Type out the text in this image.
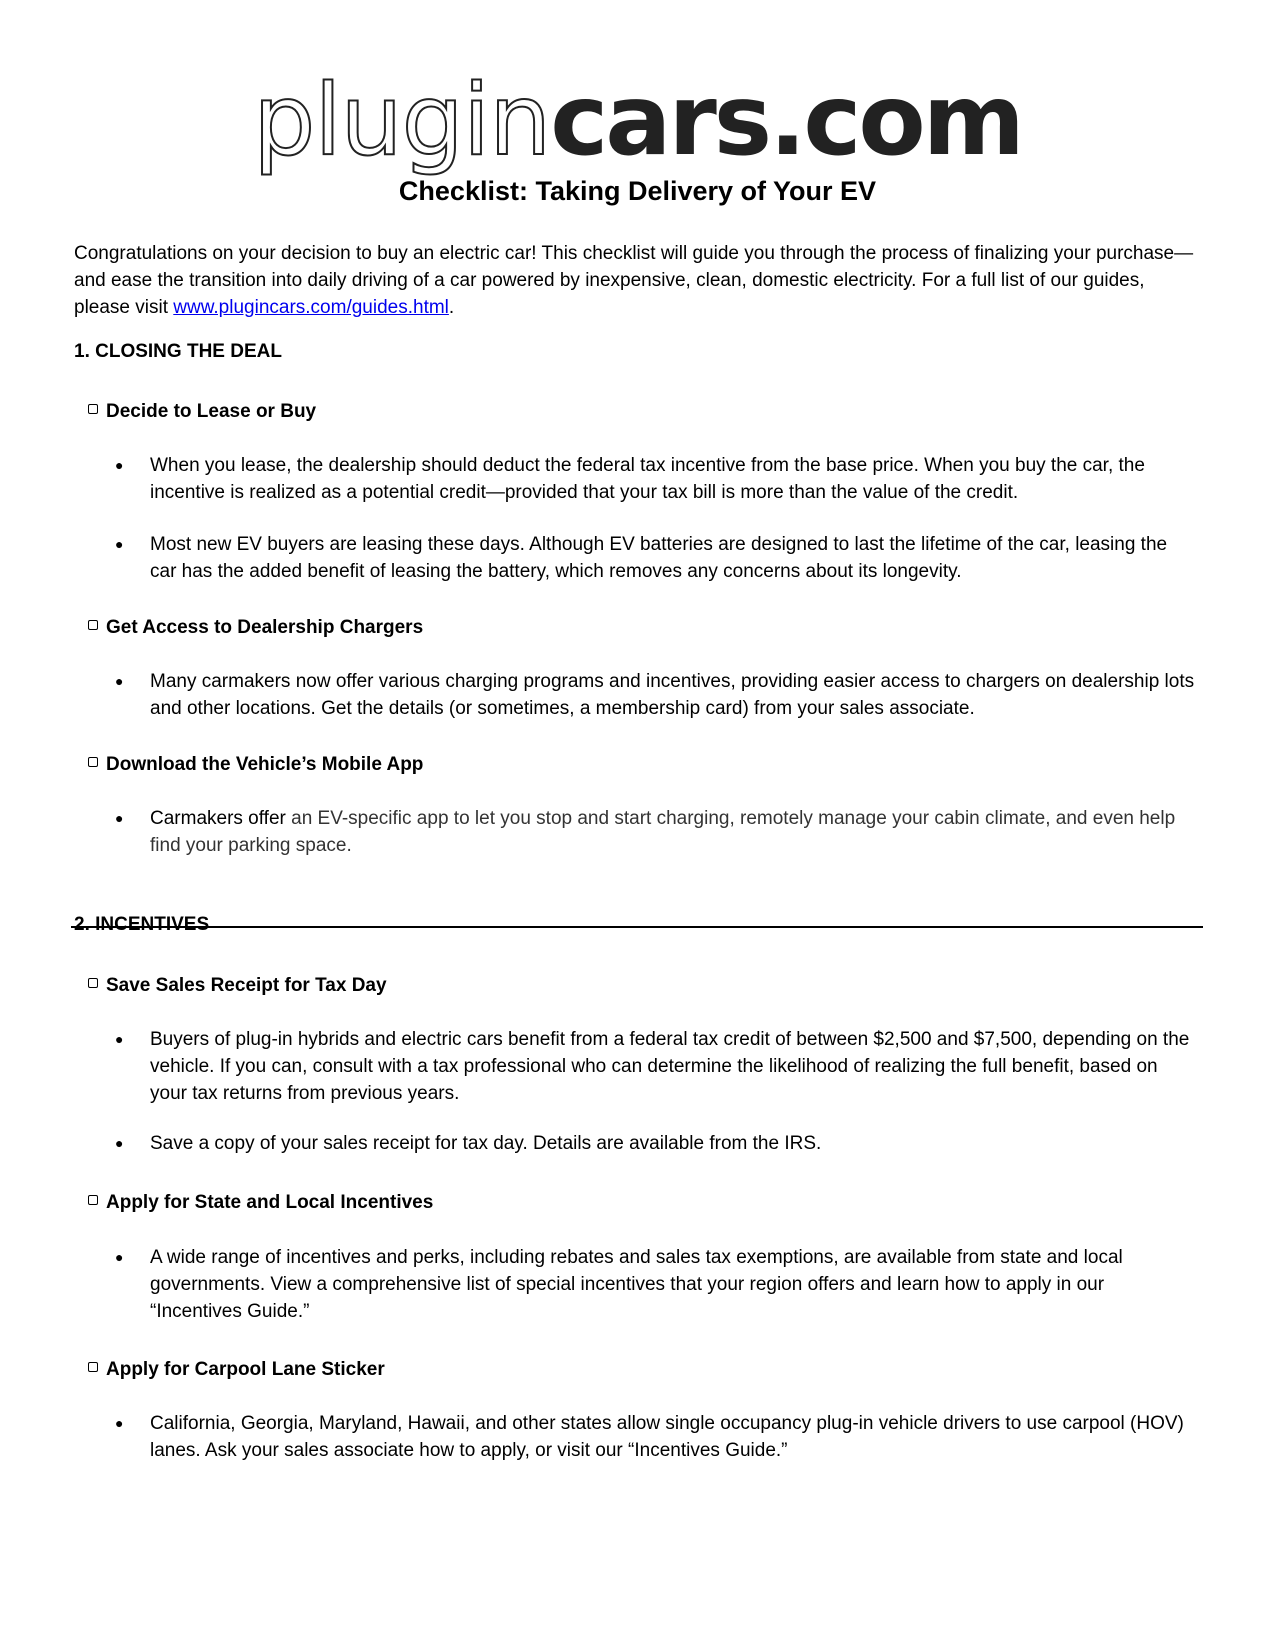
plugincars.com
Checklist: Taking Delivery of Your EV
Congratulations on your decision to buy an electric car! This checklist will guide you through the process of finalizing your purchase—and ease the transition into daily driving of a car powered by inexpensive, clean, domestic electricity. For a full list of our guides, please visit www.plugincars.com/guides.html.
1. CLOSING THE DEAL
Decide to Lease or Buy
●	When you lease, the dealership should deduct the federal tax incentive from the base price. When you buy the car, the incentive is realized as a potential credit—provided that your tax bill is more than the value of the credit.
●	Most new EV buyers are leasing these days. Although EV batteries are designed to last the lifetime of the car, leasing the car has the added benefit of leasing the battery, which removes any concerns about its longevity.
Get Access to Dealership Chargers
●	Many carmakers now offer various charging programs and incentives, providing easier access to chargers on dealership lots and other locations. Get the details (or sometimes, a membership card) from your sales associate.
Download the Vehicle’s Mobile App
●	Carmakers offer an EV-specific app to let you stop and start charging, remotely manage your cabin climate, and even help find your parking space.
2. INCENTIVES
Save Sales Receipt for Tax Day
●	Buyers of plug-in hybrids and electric cars benefit from a federal tax credit of between $2,500 and $7,500, depending on the vehicle. If you can, consult with a tax professional who can determine the likelihood of realizing the full benefit, based on your tax returns from previous years.
●	Save a copy of your sales receipt for tax day. Details are available from the IRS.
Apply for State and Local Incentives
●	A wide range of incentives and perks, including rebates and sales tax exemptions, are available from state and local governments. View a comprehensive list of special incentives that your region offers and learn how to apply in our “Incentives Guide.”
Apply for Carpool Lane Sticker
●	California, Georgia, Maryland, Hawaii, and other states allow single occupancy plug-in vehicle drivers to use carpool (HOV) lanes. Ask your sales associate how to apply, or visit our “Incentives Guide.”
